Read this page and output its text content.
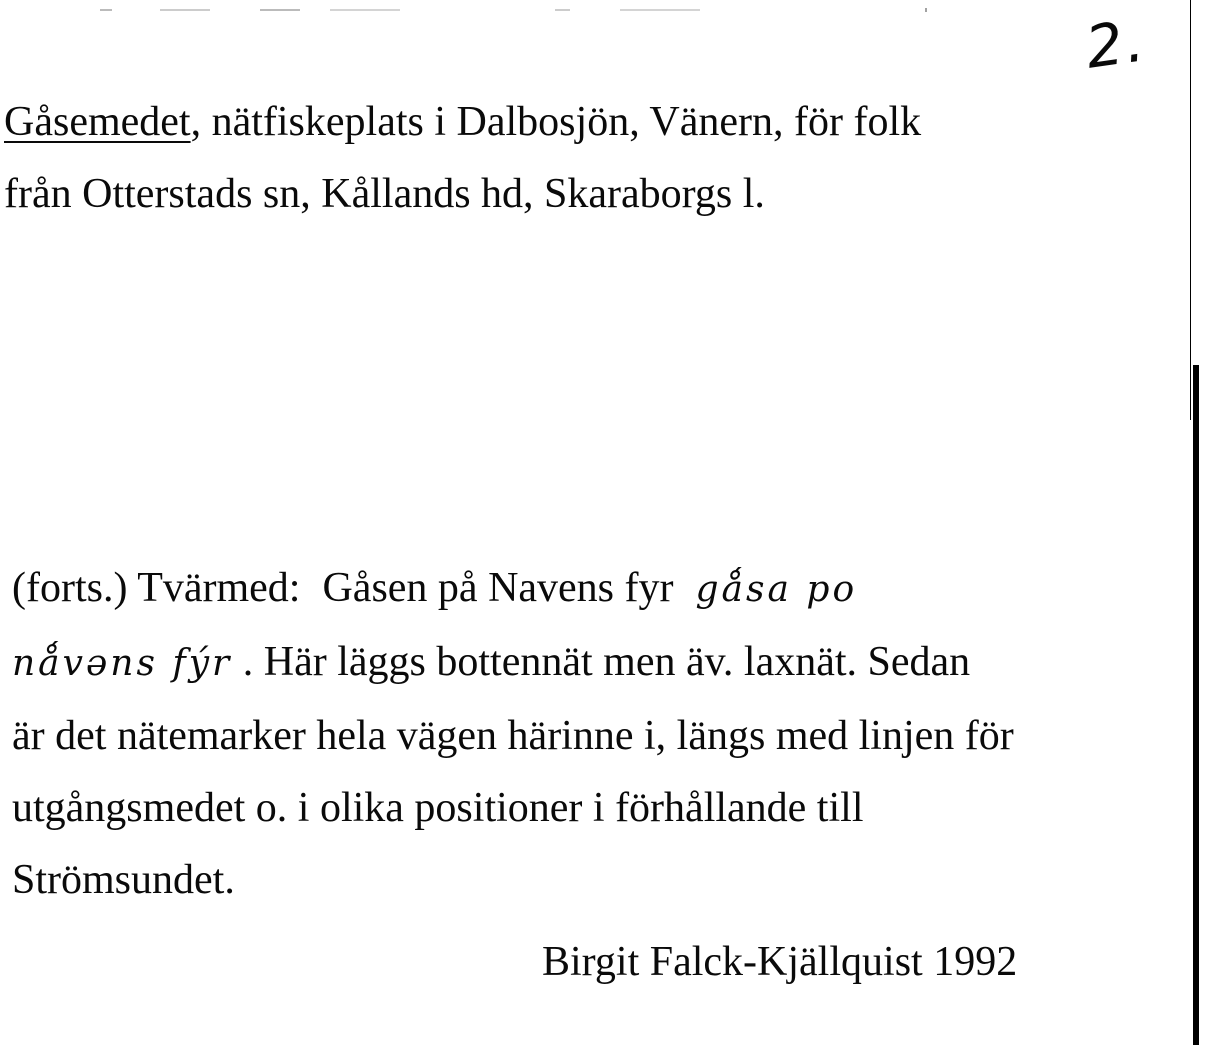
2.

Gåsemedet, nätfiskeplats i Dalbosjön, Vänern, för folk

från Otterstads sn, Kållands hd, Skaraborgs l.

(forts.) Tvärmed: Gåsen på Navens fyr gǻsa po

nǻvəns fýr . Här läggs bottennät men äv. laxnät. Sedan

är det nätemarker hela vägen härinne i, längs med linjen för

utgångsmedet o. i olika positioner i förhållande till

Strömsundet.

Birgit Falck-Kjällquist 1992
